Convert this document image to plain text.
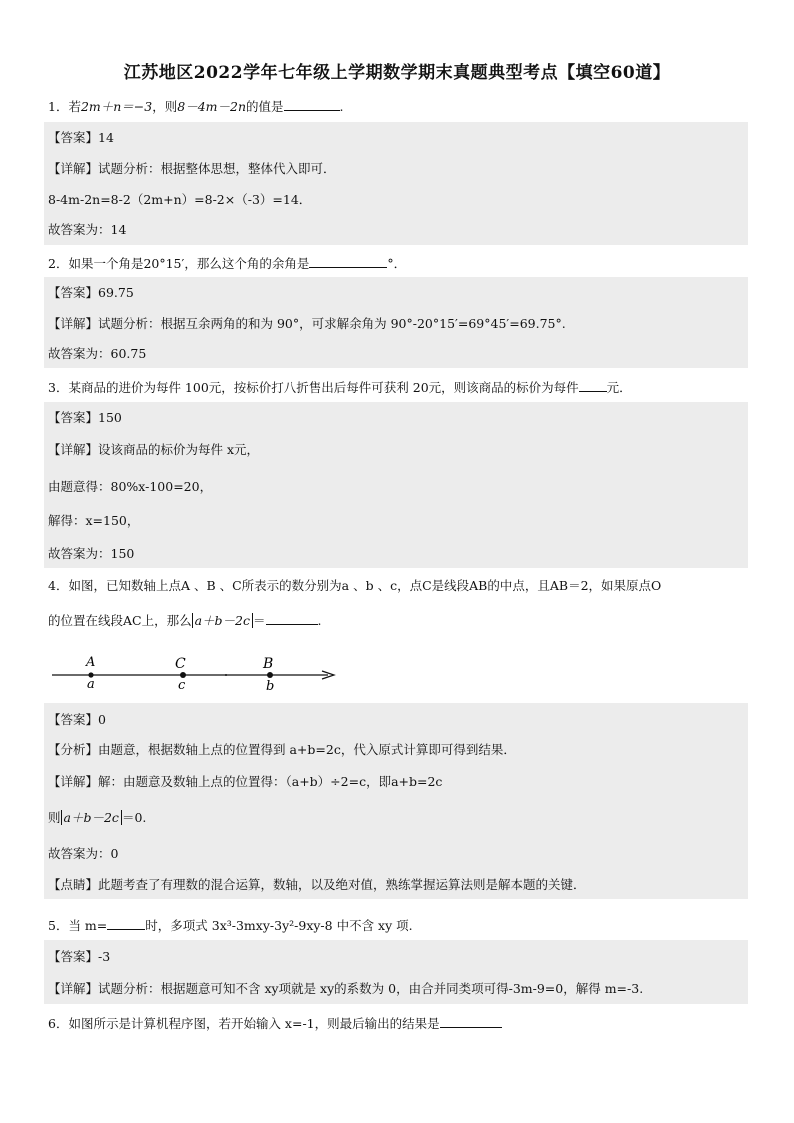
江苏地区2022学年七年级上学期数学期末真题典型考点【填空60道】
1．若2m＋n＝−3，则8－4m－2n的值是	.
【答案】14
【详解】试题分析：根据整体思想，整体代入即可．
8-4m-2n=8-2（2m+n）=8-2×（-3）=14．
故答案为：14
2．如果一个角是20°15′，那么这个角的余角是	°．
【答案】69.75
【详解】试题分析：根据互余两角的和为 90°，可求解余角为 90°-20°15′=69°45′=69.75°.
故答案为：60.75
3．某商品的进价为每件 100元，按标价打八折售出后每件可获利 20元，则该商品的标价为每件 元．
【答案】150
【详解】设该商品的标价为每件 x元，
由题意得：80%x-100=20，
解得：x=150，
故答案为：150
4．如图，已知数轴上点A 、B 、C所表示的数分别为a 、b 、c，点C是线段AB的中点，且AB＝2，如果原点O
的位置在线段AC上，那么 a＋b－2c ＝	.
A	C	B
a	c	b
【答案】0
【分析】由题意，根据数轴上点的位置得到 a+b=2c，代入原式计算即可得到结果．
【详解】解：由题意及数轴上点的位置得：（a+b）÷2=c，即a+b=2c
则 a＋b－2c ＝0.
故答案为：0
【点睛】此题考查了有理数的混合运算，数轴，以及绝对值，熟练掌握运算法则是解本题的关键．
5．当 m=	时，多项式 3x³-3mxy-3y²-9xy-8 中不含 xy 项.
【答案】-3
【详解】试题分析：根据题意可知不含 xy项就是 xy的系数为 0，由合并同类项可得-3m-9=0，解得 m=-3.
6．如图所示是计算机程序图，若开始输入 x=-1，则最后输出的结果是
